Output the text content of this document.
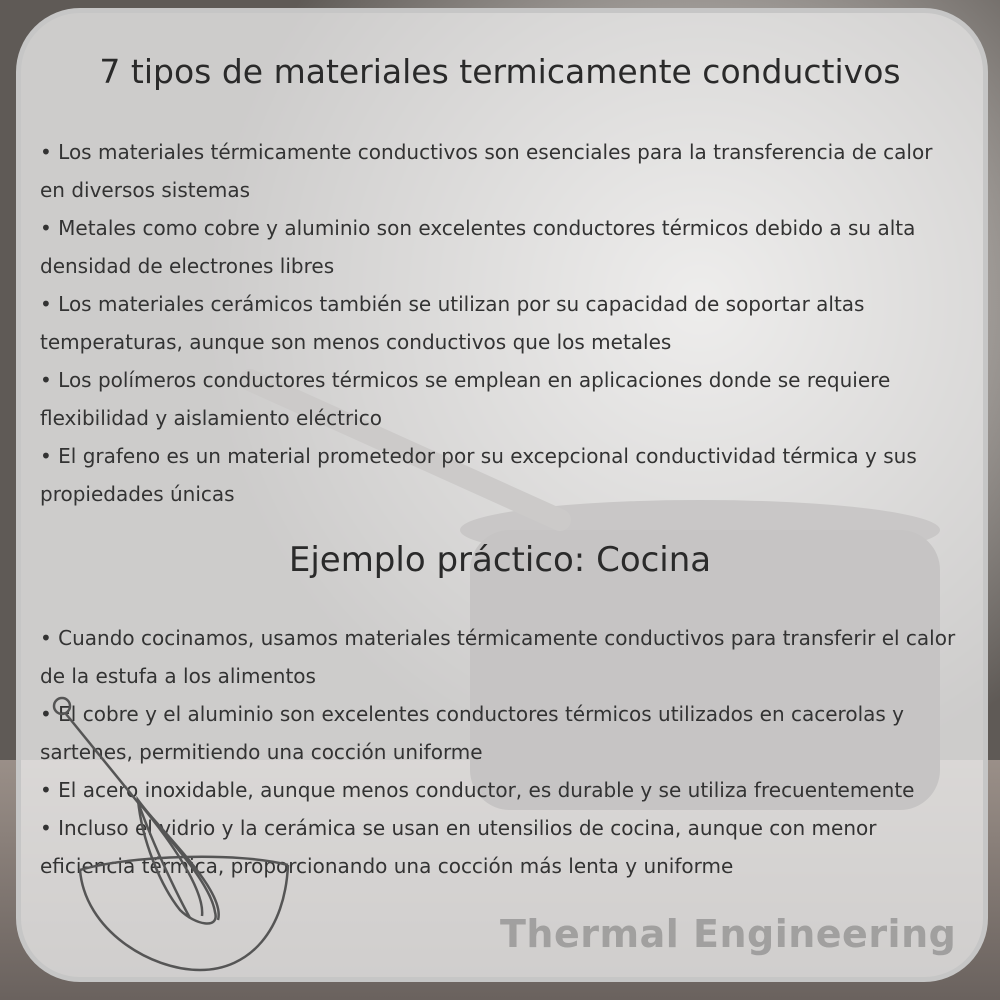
7 tipos de materiales termicamente conductivos
• Los materiales térmicamente conductivos son esenciales para la transferencia de calor en diversos sistemas
• Metales como cobre y aluminio son excelentes conductores térmicos debido a su alta densidad de electrones libres
• Los materiales cerámicos también se utilizan por su capacidad de soportar altas temperaturas, aunque son menos conductivos que los metales
• Los polímeros conductores térmicos se emplean en aplicaciones donde se requiere flexibilidad y aislamiento eléctrico
• El grafeno es un material prometedor por su excepcional conductividad térmica y sus propiedades únicas
Ejemplo práctico: Cocina
• Cuando cocinamos, usamos materiales térmicamente conductivos para transferir el calor de la estufa a los alimentos
• El cobre y el aluminio son excelentes conductores térmicos utilizados en cacerolas y sartenes, permitiendo una cocción uniforme
• El acero inoxidable, aunque menos conductor, es durable y se utiliza frecuentemente
• Incluso el vidrio y la cerámica se usan en utensilios de cocina, aunque con menor eficiencia térmica, proporcionando una cocción más lenta y uniforme
Thermal Engineering
